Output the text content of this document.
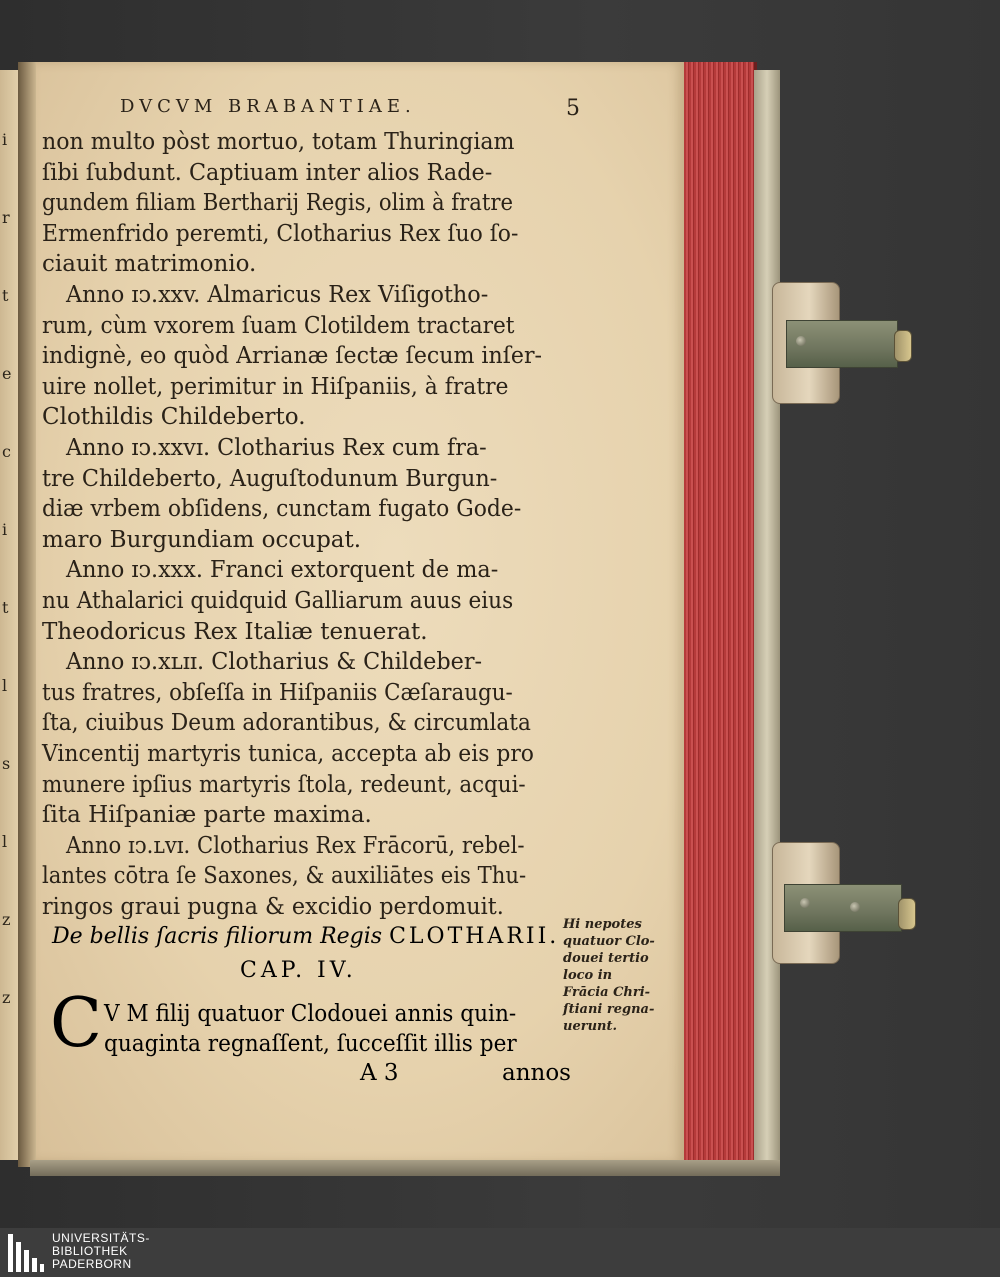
i
r
t
e
c
i
t
l
s
l
z
z
DVCVM BRABANTIAE.	5
non multo pòst mortuo, totam Thuringiam
ſibi ſubdunt. Captiuam inter alios Rade-
gundem filiam Bertharij Regis, olim à fratre
Ermenfrido peremti, Clotharius Rex ſuo ſo-
ciauit matrimonio.
Anno ɪↄ.xxv. Almaricus Rex Viſigotho-
rum, cùm vxorem ſuam Clotildem tractaret
indignè, eo quòd Arrianæ ſectæ ſecum inſer-
uire nollet, perimitur in Hiſpaniis, à fratre
Clothildis Childeberto.
Anno ɪↄ.xxvɪ. Clotharius Rex cum fra-
tre Childeberto, Auguſtodunum Burgun-
diæ vrbem obſidens, cunctam fugato Gode-
maro Burgundiam occupat.
Anno ɪↄ.xxx. Franci extorquent de ma-
nu Athalarici quidquid Galliarum auus eius
Theodoricus Rex Italiæ tenuerat.
Anno ɪↄ.xʟɪɪ. Clotharius & Childeber-
tus fratres, obſeſſa in Hiſpaniis Cæſaraugu-
ſta, ciuibus Deum adorantibus, & circumlata
Vincentij martyris tunica, accepta ab eis pro
munere ipſius martyris ſtola, redeunt, acqui-
ſita Hiſpaniæ parte maxima.
Anno ɪↄ.ʟvɪ. Clotharius Rex Frācorū, rebel-
lantes cōtra ſe Saxones, & auxiliātes eis Thu-
ringos graui pugna & excidio perdomuit.
De bellis ſacris filiorum Regis CLOTHARII.
CAP. IV.
C V M filij quatuor Clodouei annis quin-
quaginta regnaſſent, ſucceſſit illis per
A 3	annos
Hi nepotes
quatuor Clo-
douei tertio
loco in
Frācia Chri-
ſtiani regna-
uerunt.
UNIVERSITÄTS-
BIBLIOTHEK
PADERBORN
